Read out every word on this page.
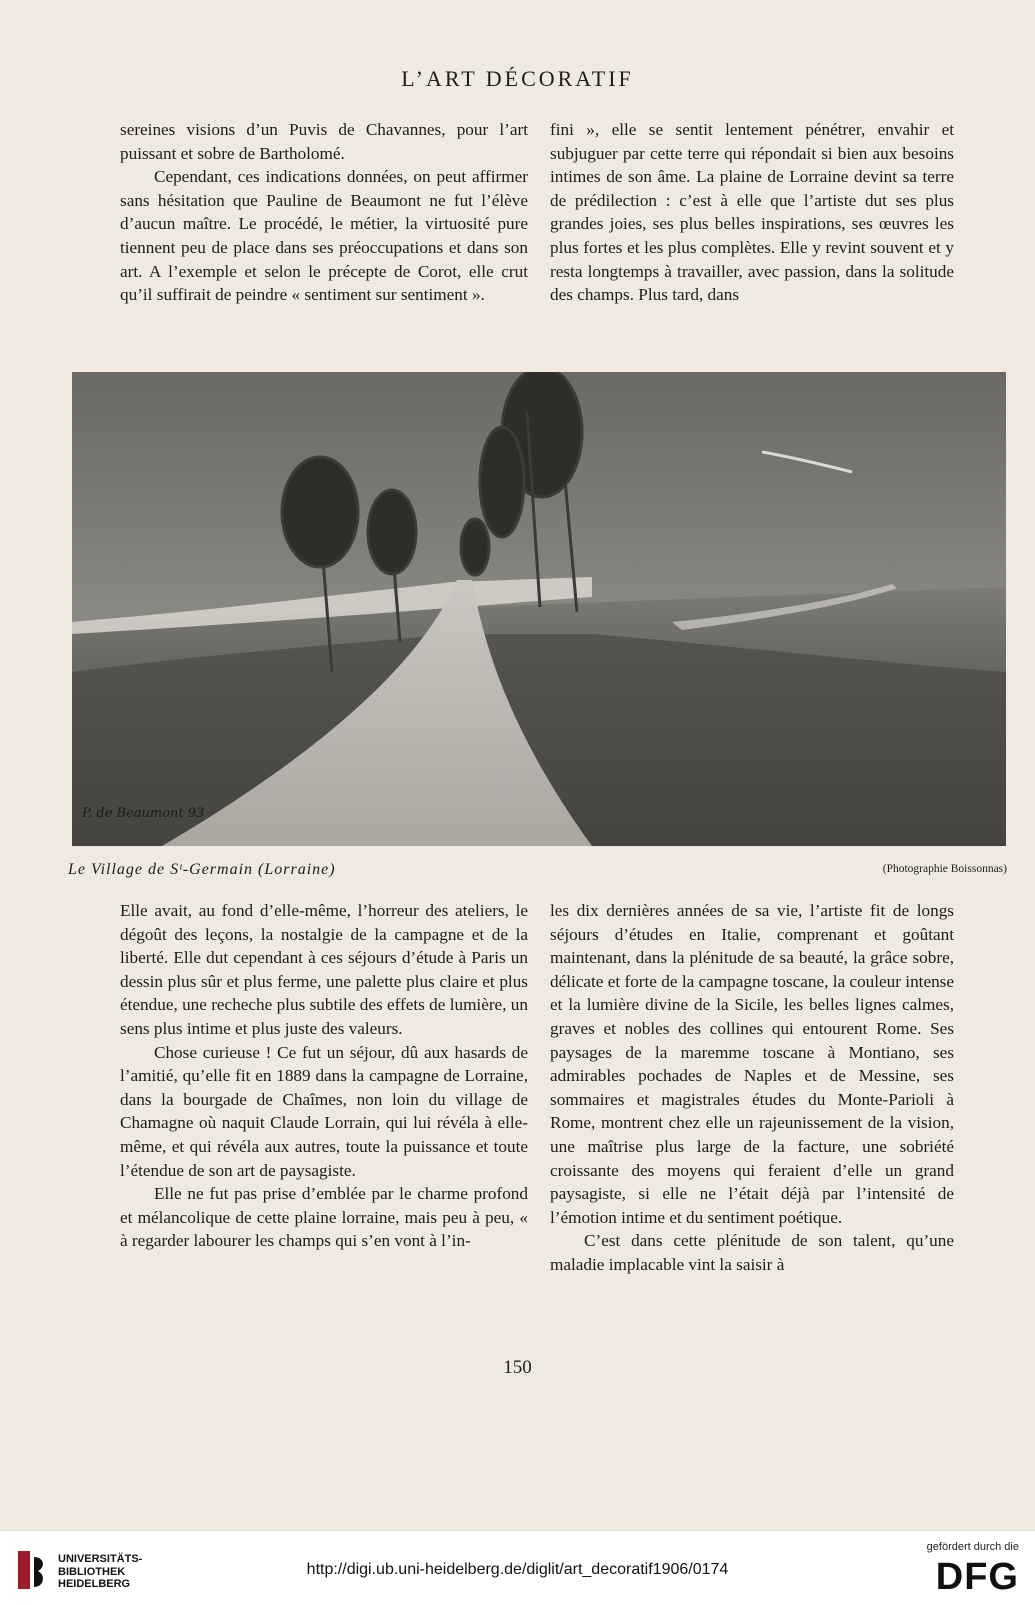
L’ART DÉCORATIF

sereines visions d’un Puvis de Chavannes, pour l’art puissant et sobre de Bartholomé.

Cependant, ces indications données, on peut affirmer sans hésitation que Pauline de Beaumont ne fut l’élève d’aucun maître. Le procédé, le métier, la virtuosité pure tiennent peu de place dans ses préoccupations et dans son art. A l’exemple et selon le précepte de Corot, elle crut qu’il suffirait de peindre « sentiment sur sentiment ».

fini », elle se sentit lentement pénétrer, envahir et subjuguer par cette terre qui répondait si bien aux besoins intimes de son âme. La plaine de Lorraine devint sa terre de prédilection : c’est à elle que l’artiste dut ses plus grandes joies, ses plus belles inspirations, ses œuvres les plus fortes et les plus complètes. Elle y revint souvent et y resta longtemps à travailler, avec passion, dans la solitude des champs. Plus tard, dans

P. de Beaumont 93
Le Village de Sᵗ-Germain (Lorraine)	(Photographie Boissonnas)

Elle avait, au fond d’elle-même, l’horreur des ateliers, le dégoût des leçons, la nostalgie de la campagne et de la liberté. Elle dut cependant à ces séjours d’étude à Paris un dessin plus sûr et plus ferme, une palette plus claire et plus étendue, une recheche plus subtile des effets de lumière, un sens plus intime et plus juste des valeurs.

Chose curieuse ! Ce fut un séjour, dû aux hasards de l’amitié, qu’elle fit en 1889 dans la campagne de Lorraine, dans la bourgade de Chaîmes, non loin du village de Chamagne où naquit Claude Lorrain, qui lui révéla à elle-même, et qui révéla aux autres, toute la puissance et toute l’étendue de son art de paysagiste.

Elle ne fut pas prise d’emblée par le charme profond et mélancolique de cette plaine lorraine, mais peu à peu, « à regarder labourer les champs qui s’en vont à l’in-

les dix dernières années de sa vie, l’artiste fit de longs séjours d’études en Italie, comprenant et goûtant maintenant, dans la plénitude de sa beauté, la grâce sobre, délicate et forte de la campagne toscane, la couleur intense et la lumière divine de la Sicile, les belles lignes calmes, graves et nobles des collines qui entourent Rome. Ses paysages de la maremme toscane à Montiano, ses admirables pochades de Naples et de Messine, ses sommaires et magistrales études du Monte-Parioli à Rome, montrent chez elle un rajeunissement de la vision, une maîtrise plus large de la facture, une sobriété croissante des moyens qui feraient d’elle un grand paysagiste, si elle ne l’était déjà par l’intensité de l’émotion intime et du sentiment poétique.

C’est dans cette plénitude de son talent, qu’une maladie implacable vint la saisir à

150
UNIVERSITÄTS-
BIBLIOTHEK
HEIDELBERG
http://digi.ub.uni-heidelberg.de/diglit/art_decoratif1906/0174
gefördert durch die
DFG
